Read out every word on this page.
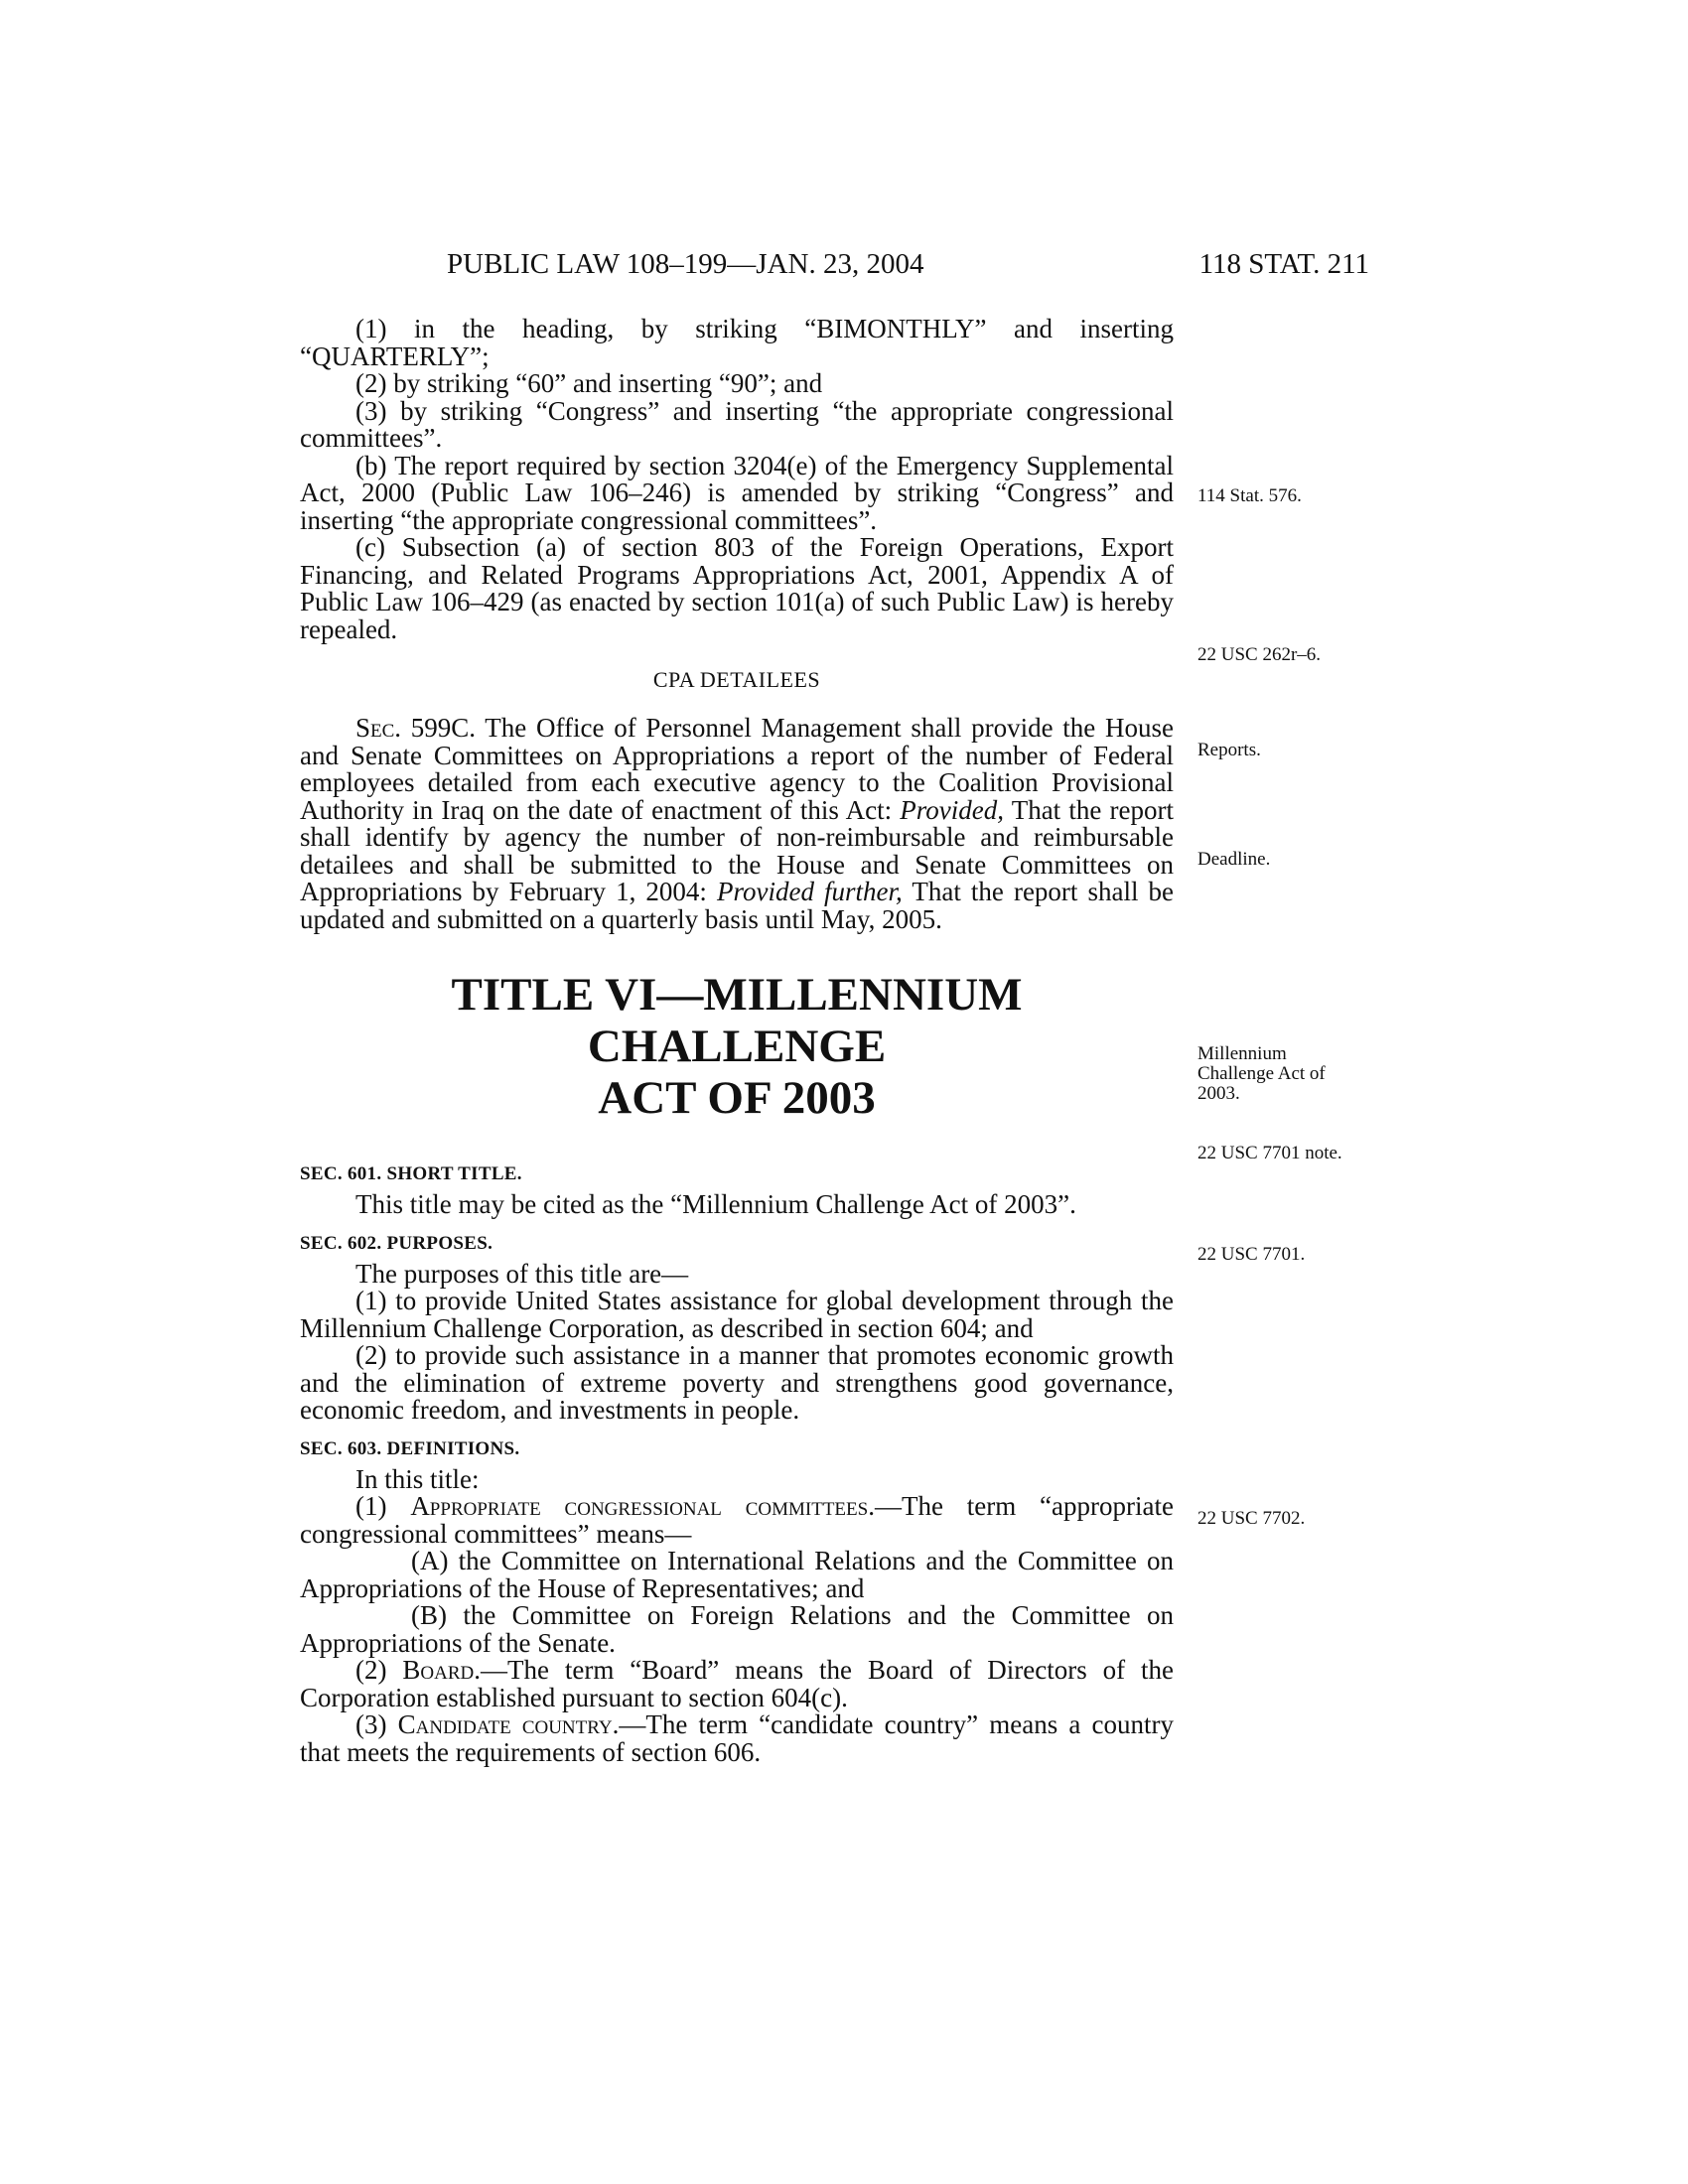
PUBLIC LAW 108–199—JAN. 23, 2004	118 STAT. 211

(1) in the heading, by striking “BIMONTHLY” and inserting “QUARTERLY”;

(2) by striking “60” and inserting “90”; and

(3) by striking “Congress” and inserting “the appropriate congressional committees”.

(b) The report required by section 3204(e) of the Emergency Supplemental Act, 2000 (Public Law 106–246) is amended by striking “Congress” and inserting “the appropriate congressional committees”.

(c) Subsection (a) of section 803 of the Foreign Operations, Export Financing, and Related Programs Appropriations Act, 2001, Appendix A of Public Law 106–429 (as enacted by section 101(a) of such Public Law) is hereby repealed.

CPA DETAILEES

Sec. 599C. The Office of Personnel Management shall provide the House and Senate Committees on Appropriations a report of the number of Federal employees detailed from each executive agency to the Coalition Provisional Authority in Iraq on the date of enactment of this Act: Provided, That the report shall identify by agency the number of non-reimbursable and reimbursable detailees and shall be submitted to the House and Senate Committees on Appropriations by February 1, 2004: Provided further, That the report shall be updated and submitted on a quarterly basis until May, 2005.

TITLE VI—MILLENNIUM CHALLENGE
ACT OF 2003
SEC. 601. SHORT TITLE.

This title may be cited as the “Millennium Challenge Act of 2003”.

SEC. 602. PURPOSES.

The purposes of this title are—

(1) to provide United States assistance for global development through the Millennium Challenge Corporation, as described in section 604; and

(2) to provide such assistance in a manner that promotes economic growth and the elimination of extreme poverty and strengthens good governance, economic freedom, and investments in people.

SEC. 603. DEFINITIONS.

In this title:

(1) Appropriate congressional committees.—The term “appropriate congressional committees” means—

(A) the Committee on International Relations and the Committee on Appropriations of the House of Representatives; and

(B) the Committee on Foreign Relations and the Committee on Appropriations of the Senate.

(2) Board.—The term “Board” means the Board of Directors of the Corporation established pursuant to section 604(c).

(3) Candidate country.—The term “candidate country” means a country that meets the requirements of section 606.

114 Stat. 576.
22 USC 262r–6.
Reports.
Deadline.
Millennium Challenge Act of 2003.
22 USC 7701 note.
22 USC 7701.
22 USC 7702.
